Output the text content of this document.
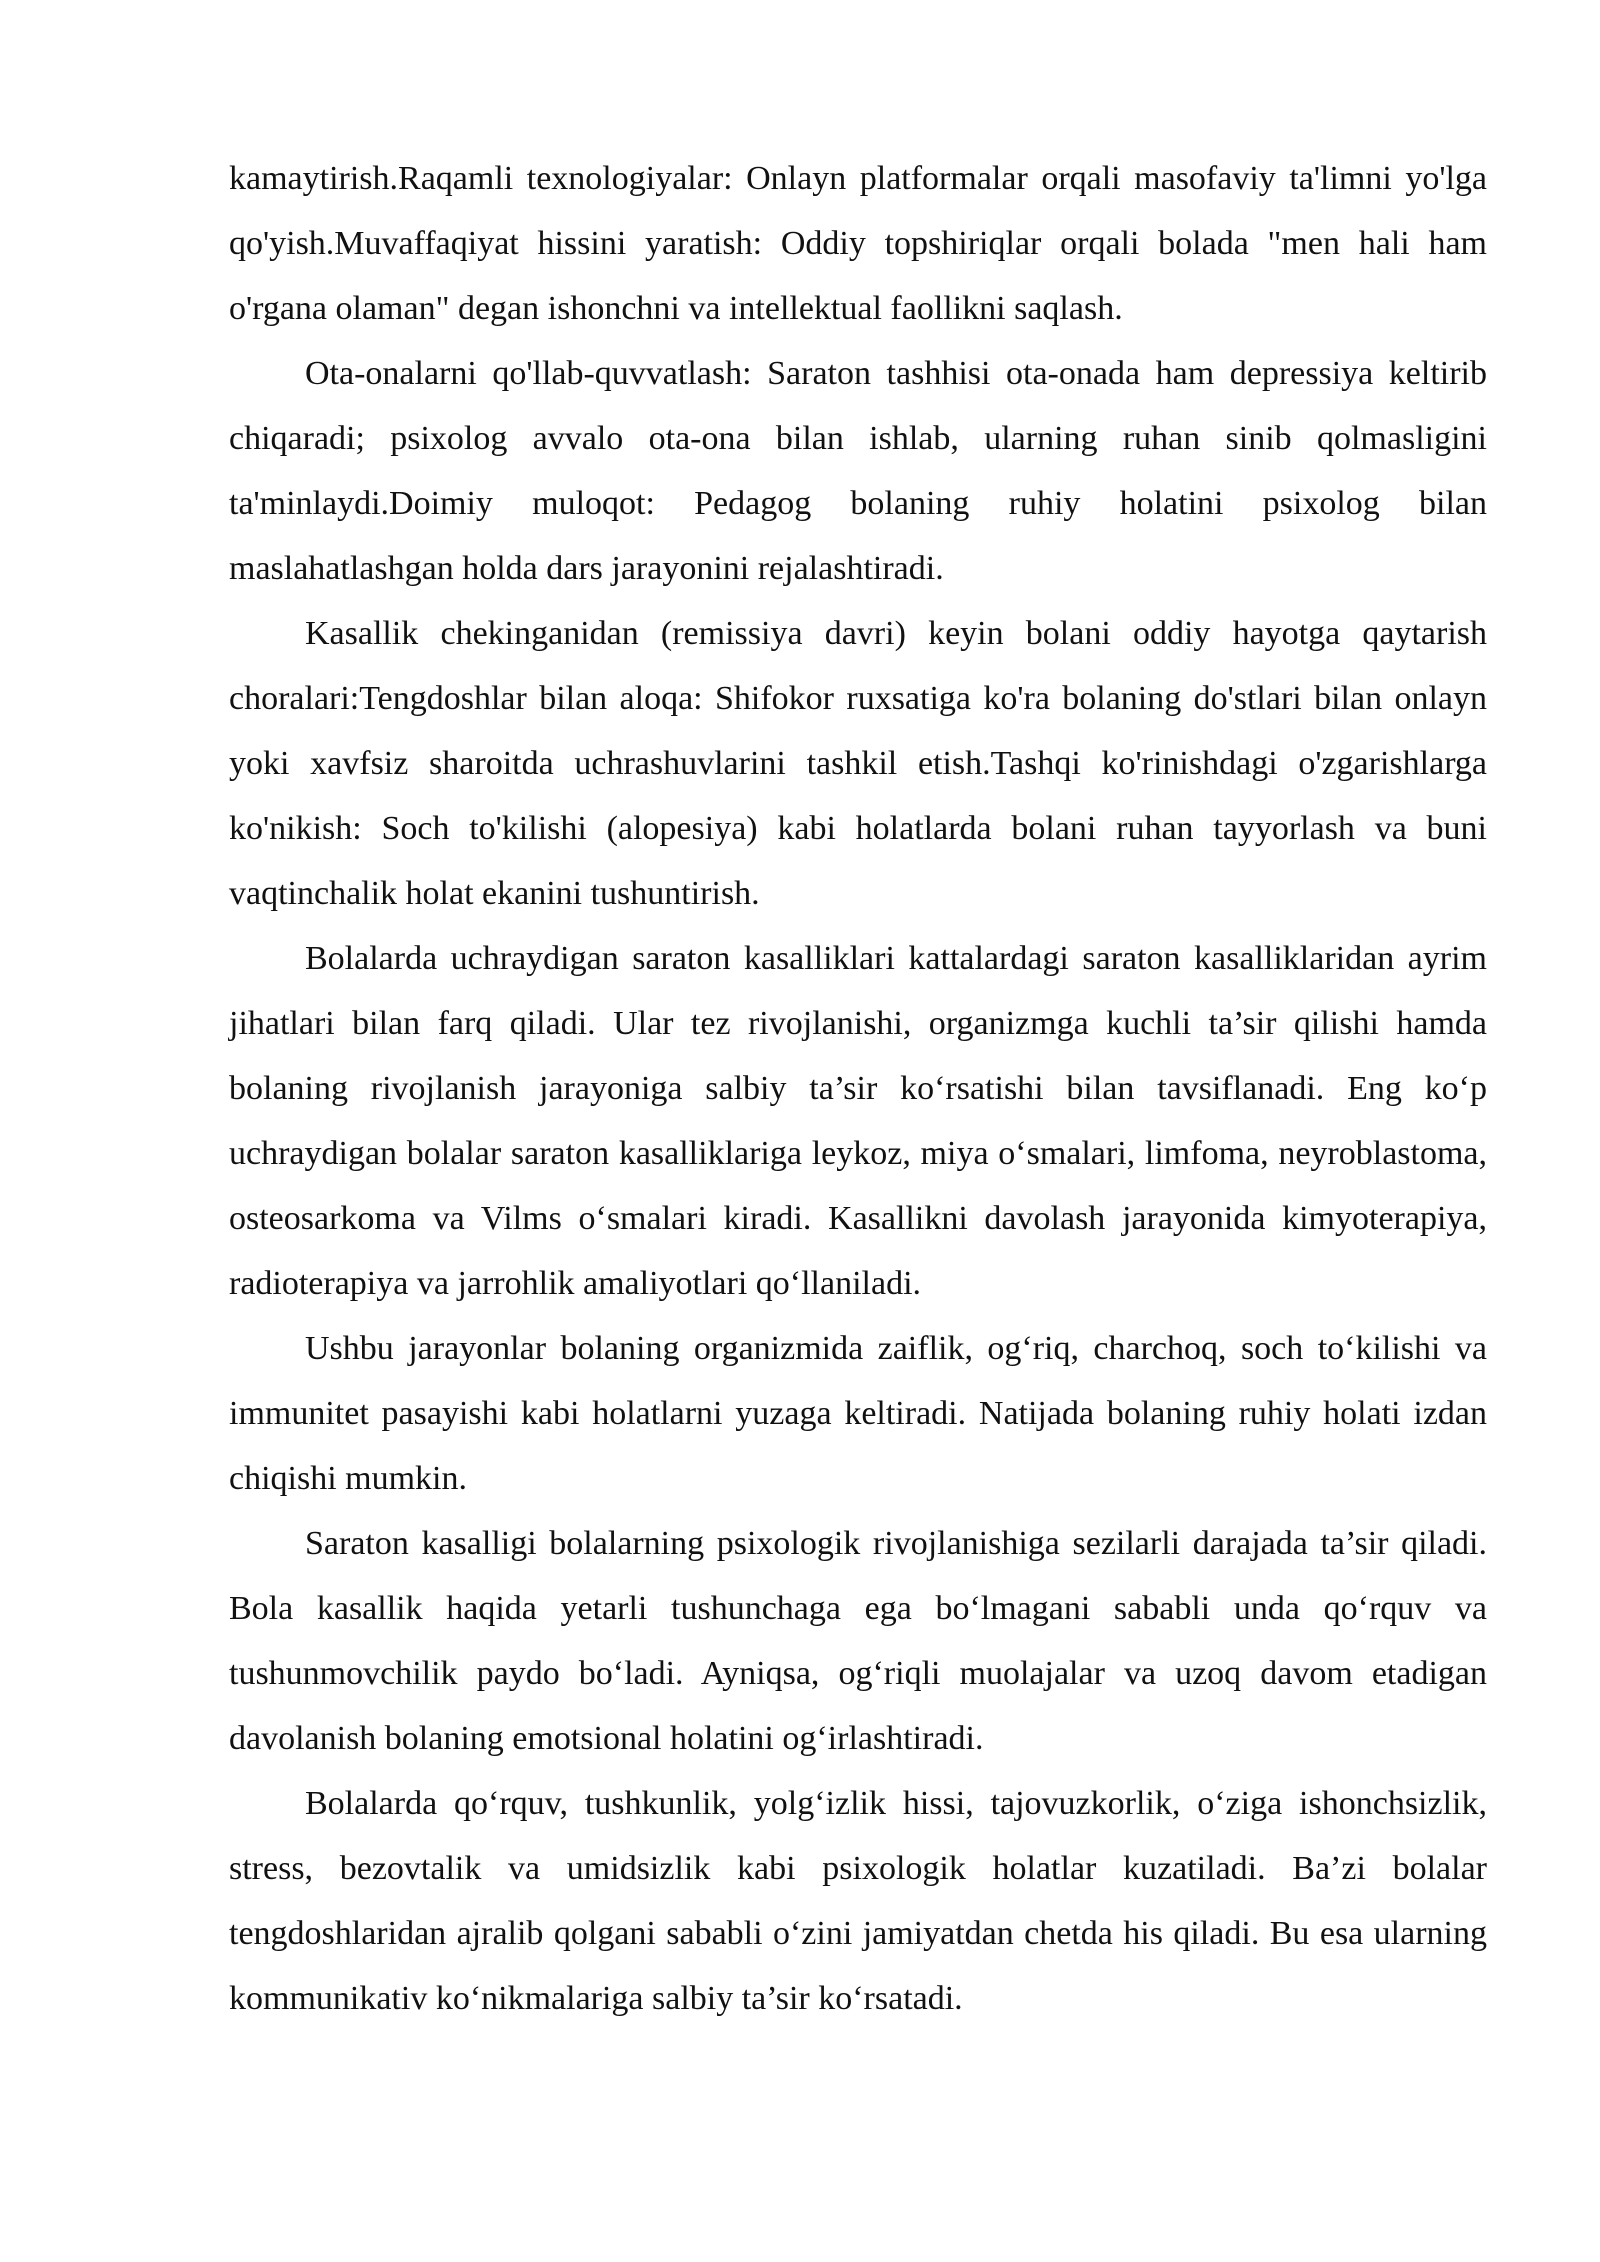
kamaytirish.Raqamli texnologiyalar: Onlayn platformalar orqali masofaviy ta'limni yo'lga qo'yish.Muvaffaqiyat hissini yaratish: Oddiy topshiriqlar orqali bolada "men hali ham o'rgana olaman" degan ishonchni va intellektual faollikni saqlash.

Ota-onalarni qo'llab-quvvatlash: Saraton tashhisi ota-onada ham depressiya keltirib chiqaradi; psixolog avvalo ota-ona bilan ishlab, ularning ruhan sinib qolmasligini ta'minlaydi.Doimiy muloqot: Pedagog bolaning ruhiy holatini psixolog bilan maslahatlashgan holda dars jarayonini rejalashtiradi.

Kasallik chekinganidan (remissiya davri) keyin bolani oddiy hayotga qaytarish choralari:Tengdoshlar bilan aloqa: Shifokor ruxsatiga ko'ra bolaning do'stlari bilan onlayn yoki xavfsiz sharoitda uchrashuvlarini tashkil etish.Tashqi ko'rinishdagi o'zgarishlarga ko'nikish: Soch to'kilishi (alopesiya) kabi holatlarda bolani ruhan tayyorlash va buni vaqtinchalik holat ekanini tushuntirish.

Bolalarda uchraydigan saraton kasalliklari kattalardagi saraton kasalliklaridan ayrim jihatlari bilan farq qiladi. Ular tez rivojlanishi, organizmga kuchli ta’sir qilishi hamda bolaning rivojlanish jarayoniga salbiy ta’sir ko‘rsatishi bilan tavsiflanadi. Eng ko‘p uchraydigan bolalar saraton kasalliklariga leykoz, miya o‘smalari, limfoma, neyroblastoma, osteosarkoma va Vilms o‘smalari kiradi. Kasallikni davolash jarayonida kimyoterapiya, radioterapiya va jarrohlik amaliyotlari qo‘llaniladi.

Ushbu jarayonlar bolaning organizmida zaiflik, og‘riq, charchoq, soch to‘kilishi va immunitet pasayishi kabi holatlarni yuzaga keltiradi. Natijada bolaning ruhiy holati izdan chiqishi mumkin.

Saraton kasalligi bolalarning psixologik rivojlanishiga sezilarli darajada ta’sir qiladi. Bola kasallik haqida yetarli tushunchaga ega bo‘lmagani sababli unda qo‘rquv va tushunmovchilik paydo bo‘ladi. Ayniqsa, og‘riqli muolajalar va uzoq davom etadigan davolanish bolaning emotsional holatini og‘irlashtiradi.

Bolalarda qo‘rquv, tushkunlik, yolg‘izlik hissi, tajovuzkorlik, o‘ziga ishonchsizlik, stress, bezovtalik va umidsizlik kabi psixologik holatlar kuzatiladi. Ba’zi bolalar tengdoshlaridan ajralib qolgani sababli o‘zini jamiyatdan chetda his qiladi. Bu esa ularning kommunikativ ko‘nikmalariga salbiy ta’sir ko‘rsatadi.
